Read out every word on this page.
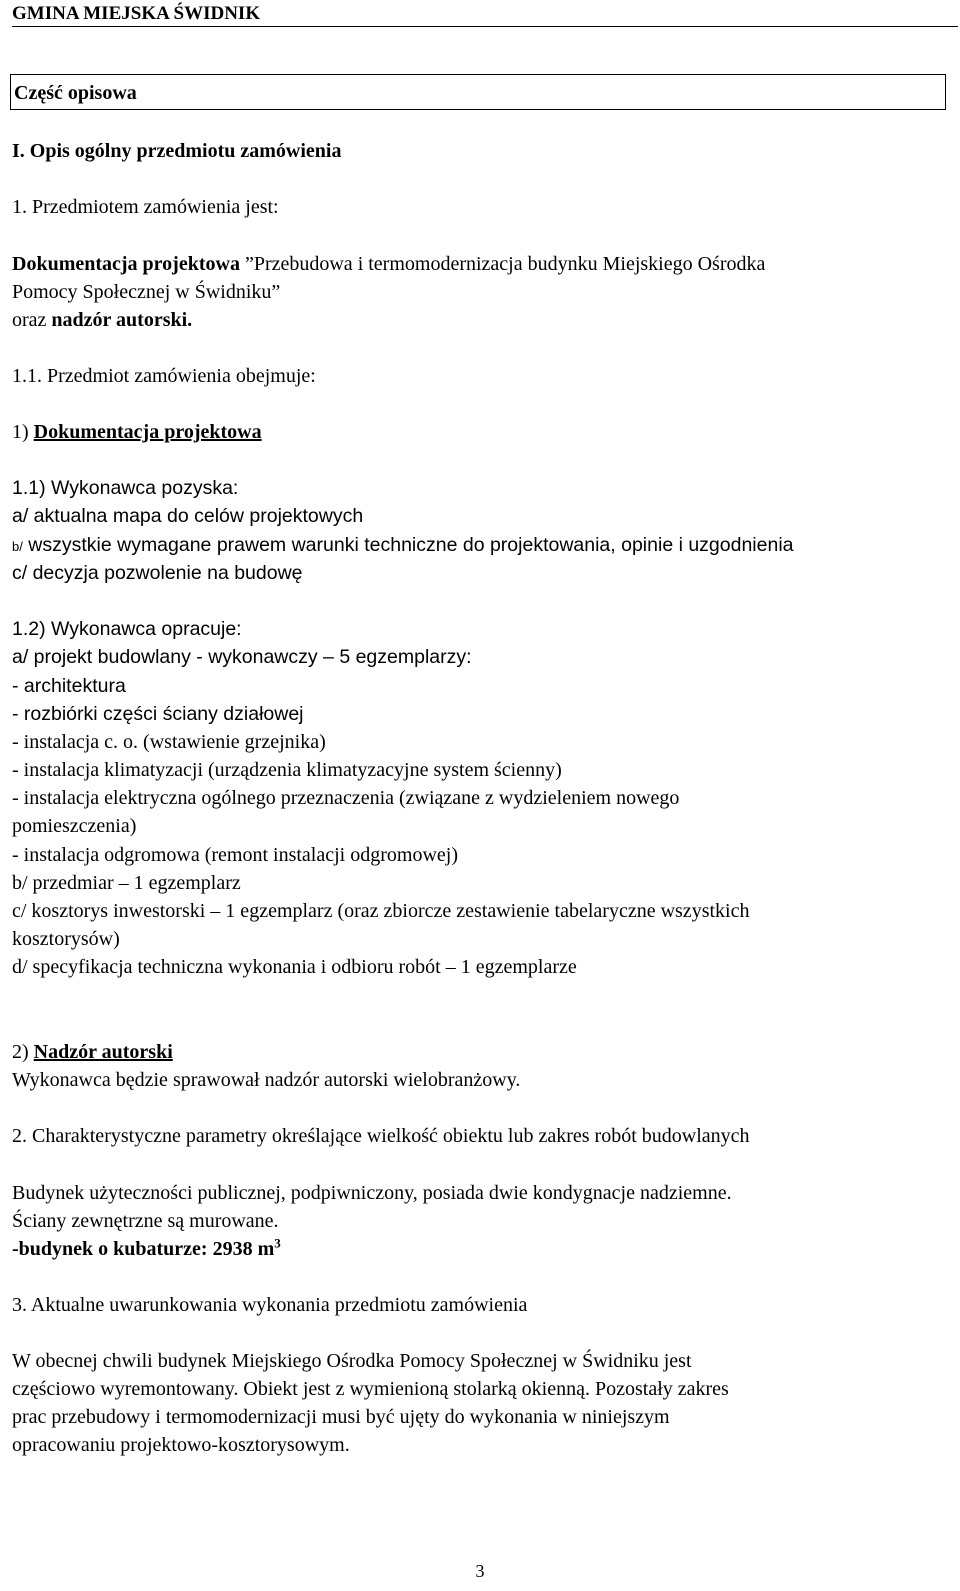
GMINA MIEJSKA ŚWIDNIK
Część opisowa
I. Opis ogólny przedmiotu zamówienia
1. Przedmiotem zamówienia jest:
Dokumentacja projektowa ”Przebudowa i termomodernizacja budynku Miejskiego Ośrodka
Pomocy Społecznej w Świdniku”
oraz nadzór autorski.
1.1. Przedmiot zamówienia obejmuje:
1) Dokumentacja projektowa
1.1) Wykonawca pozyska:
a/ aktualna mapa do celów projektowych
b/ wszystkie wymagane prawem warunki techniczne do projektowania, opinie i uzgodnienia
c/ decyzja pozwolenie na budowę
1.2) Wykonawca opracuje:
a/ projekt budowlany - wykonawczy – 5 egzemplarzy:
- architektura
- rozbiórki części ściany działowej
- instalacja c. o. (wstawienie grzejnika)
- instalacja klimatyzacji (urządzenia klimatyzacyjne system ścienny)
- instalacja elektryczna ogólnego przeznaczenia (związane z wydzieleniem nowego
pomieszczenia)
- instalacja odgromowa (remont instalacji odgromowej)
b/ przedmiar – 1 egzemplarz
c/ kosztorys inwestorski – 1 egzemplarz (oraz zbiorcze zestawienie tabelaryczne wszystkich
kosztorysów)
d/ specyfikacja techniczna wykonania i odbioru robót – 1 egzemplarze
2) Nadzór autorski
Wykonawca będzie sprawował nadzór autorski wielobranżowy.
2. Charakterystyczne parametry określające wielkość obiektu lub zakres robót budowlanych
Budynek użyteczności publicznej, podpiwniczony, posiada dwie kondygnacje nadziemne.
Ściany zewnętrzne są murowane.
-budynek o kubaturze: 2938 $m^3$
3. Aktualne uwarunkowania wykonania przedmiotu zamówienia
W obecnej chwili budynek Miejskiego Ośrodka Pomocy Społecznej w Świdniku jest
częściowo wyremontowany. Obiekt jest z wymienioną stolarką okienną. Pozostały zakres
prac przebudowy i termomodernizacji musi być ujęty do wykonania w niniejszym
opracowaniu projektowo-kosztorysowym.
3
